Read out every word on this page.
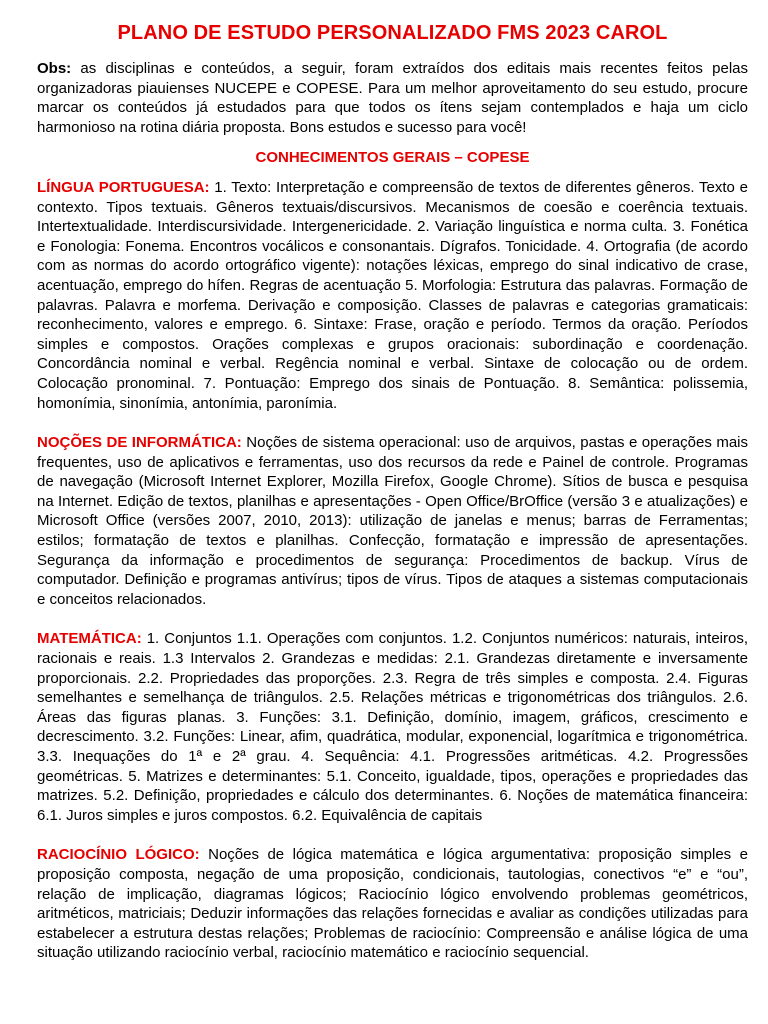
PLANO DE ESTUDO PERSONALIZADO FMS 2023 CAROL

Obs: as disciplinas e conteúdos, a seguir, foram extraídos dos editais mais recentes feitos pelas organizadoras piauienses NUCEPE e COPESE. Para um melhor aproveitamento do seu estudo, procure marcar os conteúdos já estudados para que todos os ítens sejam contemplados e haja um ciclo harmonioso na rotina diária proposta. Bons estudos e sucesso para você!

CONHECIMENTOS GERAIS – COPESE

LÍNGUA PORTUGUESA: 1. Texto: Interpretação e compreensão de textos de diferentes gêneros. Texto e contexto. Tipos textuais. Gêneros textuais/discursivos. Mecanismos de coesão e coerência textuais. Intertextualidade. Interdiscursividade. Intergenericidade. 2. Variação linguística e norma culta. 3. Fonética e Fonologia: Fonema. Encontros vocálicos e consonantais. Dígrafos. Tonicidade. 4. Ortografia (de acordo com as normas do acordo ortográfico vigente): notações léxicas, emprego do sinal indicativo de crase, acentuação, emprego do hífen. Regras de acentuação 5. Morfologia: Estrutura das palavras. Formação de palavras. Palavra e morfema. Derivação e composição. Classes de palavras e categorias gramaticais: reconhecimento, valores e emprego. 6. Sintaxe: Frase, oração e período. Termos da oração. Períodos simples e compostos. Orações complexas e grupos oracionais: subordinação e coordenação. Concordância nominal e verbal. Regência nominal e verbal. Sintaxe de colocação ou de ordem. Colocação pronominal. 7. Pontuação: Emprego dos sinais de Pontuação. 8. Semântica: polissemia, homonímia, sinonímia, antonímia, paronímia.

NOÇÕES DE INFORMÁTICA: Noções de sistema operacional: uso de arquivos, pastas e operações mais frequentes, uso de aplicativos e ferramentas, uso dos recursos da rede e Painel de controle. Programas de navegação (Microsoft Internet Explorer, Mozilla Firefox, Google Chrome). Sítios de busca e pesquisa na Internet. Edição de textos, planilhas e apresentações - Open Office/BrOffice (versão 3 e atualizações) e Microsoft Office (versões 2007, 2010, 2013): utilização de janelas e menus; barras de Ferramentas; estilos; formatação de textos e planilhas. Confecção, formatação e impressão de apresentações. Segurança da informação e procedimentos de segurança: Procedimentos de backup. Vírus de computador. Definição e programas antivírus; tipos de vírus. Tipos de ataques a sistemas computacionais e conceitos relacionados.

MATEMÁTICA: 1. Conjuntos 1.1. Operações com conjuntos. 1.2. Conjuntos numéricos: naturais, inteiros, racionais e reais. 1.3 Intervalos 2. Grandezas e medidas: 2.1. Grandezas diretamente e inversamente proporcionais. 2.2. Propriedades das proporções. 2.3. Regra de três simples e composta. 2.4. Figuras semelhantes e semelhança de triângulos. 2.5. Relações métricas e trigonométricas dos triângulos. 2.6. Áreas das figuras planas. 3. Funções: 3.1. Definição, domínio, imagem, gráficos, crescimento e decrescimento. 3.2. Funções: Linear, afim, quadrática, modular, exponencial, logarítmica e trigonométrica. 3.3. Inequações do 1ª e 2ª grau. 4. Sequência: 4.1. Progressões aritméticas. 4.2. Progressões geométricas. 5. Matrizes e determinantes: 5.1. Conceito, igualdade, tipos, operações e propriedades das matrizes. 5.2. Definição, propriedades e cálculo dos determinantes. 6. Noções de matemática financeira: 6.1. Juros simples e juros compostos. 6.2. Equivalência de capitais

RACIOCÍNIO LÓGICO: Noções de lógica matemática e lógica argumentativa: proposição simples e proposição composta, negação de uma proposição, condicionais, tautologias, conectivos “e” e “ou”, relação de implicação, diagramas lógicos; Raciocínio lógico envolvendo problemas geométricos, aritméticos, matriciais; Deduzir informações das relações fornecidas e avaliar as condições utilizadas para estabelecer a estrutura destas relações; Problemas de raciocínio: Compreensão e análise lógica de uma situação utilizando raciocínio verbal, raciocínio matemático e raciocínio sequencial.
